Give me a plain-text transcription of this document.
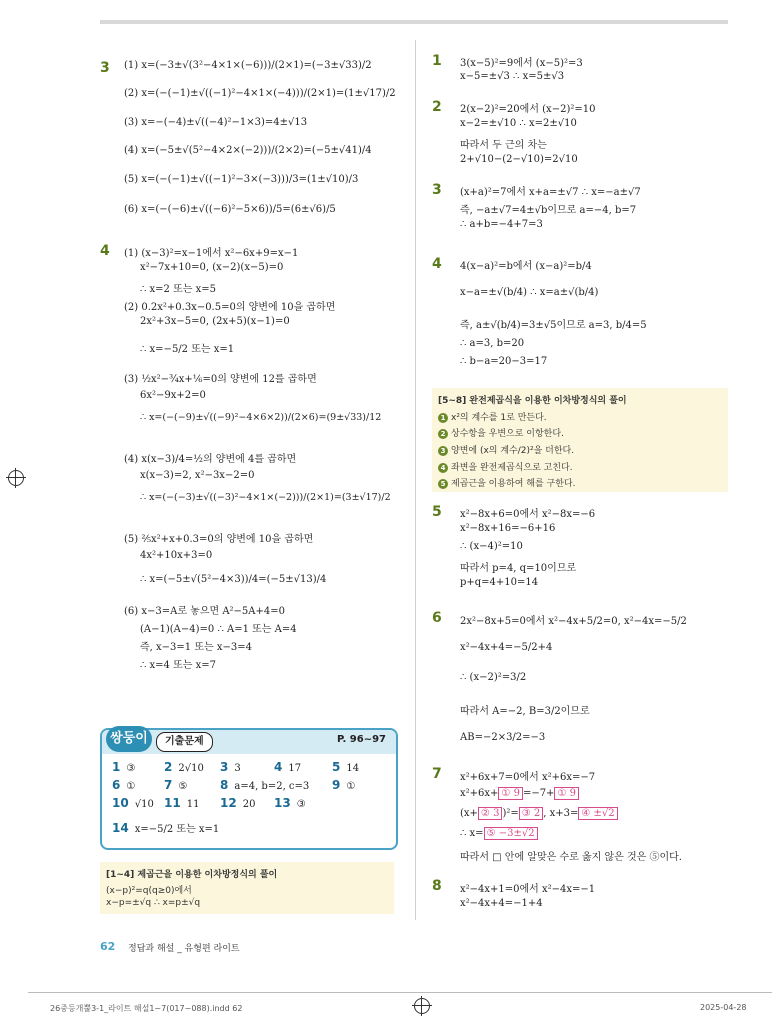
3 (1) x=(−3±√(3²−4×1×(−6)))/(2×1)=(−3±√33)/2
(2) x=(−(−1)±√((−1)²−4×1×(−4)))/(2×1)=(1±√17)/2
(3) x=−(−4)±√((−4)²−1×3)=4±√13
(4) x=(−5±√(5²−4×2×(−2)))/(2×2)=(−5±√41)/4
(5) x=(−(−1)±√((−1)²−3×(−3)))/3=(1±√10)/3
(6) x=(−(−6)±√((−6)²−5×6))/5=(6±√6)/5
4 (1) (x−3)²=x−1에서 x²−6x+9=x−1
x²−7x+10=0, (x−2)(x−5)=0
∴ x=2 또는 x=5
(2) 0.2x²+0.3x−0.5=0의 양변에 10을 곱하면
2x²+3x−5=0, (2x+5)(x−1)=0
∴ x=−5/2 또는 x=1
(3) ½x²−¾x+⅙=0의 양변에 12를 곱하면
6x²−9x+2=0
∴ x=(−(−9)±√((−9)²−4×6×2))/(2×6)=(9±√33)/12
(4) x(x−3)/4=½의 양변에 4를 곱하면
x(x−3)=2, x²−3x−2=0
∴ x=(−(−3)±√((−3)²−4×1×(−2)))/(2×1)=(3±√17)/2
(5) ⅖x²+x+0.3=0의 양변에 10을 곱하면
4x²+10x+3=0
∴ x=(−5±√(5²−4×3))/4=(−5±√13)/4
(6) x−3=A로 놓으면 A²−5A+4=0
(A−1)(A−4)=0 ∴ A=1 또는 A=4
즉, x−3=1 또는 x−3=4
∴ x=4 또는 x=7
쌍둥이	기출문제	P. 96~97
1 ③ 2 2√10 3 3	4 17	5 14
6 ① 7 ⑤	8 a=4, b=2, c=3 9 ①
10 √10 11 11 12 20 13 ③
14 x=−5/2 또는 x=1
[1~4] 제곱근을 이용한 이차방정식의 풀이
(x−p)²=q(q≥0)에서
x−p=±√q ∴ x=p±√q
1 3(x−5)²=9에서 (x−5)²=3
x−5=±√3 ∴ x=5±√3
2 2(x−2)²=20에서 (x−2)²=10
x−2=±√10 ∴ x=2±√10
따라서 두 근의 차는
2+√10−(2−√10)=2√10
3 (x+a)²=7에서 x+a=±√7 ∴ x=−a±√7
즉, −a±√7=4±√b이므로 a=−4, b=7
∴ a+b=−4+7=3
4 4(x−a)²=b에서 (x−a)²=b/4
x−a=±√(b/4) ∴ x=a±√(b/4)
즉, a±√(b/4)=3±√5이므로 a=3, b/4=5
∴ a=3, b=20
∴ b−a=20−3=17
[5~8] 완전제곱식을 이용한 이차방정식의 풀이
1 x²의 계수를 1로 만든다.
2 상수항을 우변으로 이항한다.
3 양변에 (x의 계수/2)²을 더한다.
4 좌변을 완전제곱식으로 고친다.
5 제곱근을 이용하여 해를 구한다.
5 x²−8x+6=0에서 x²−8x=−6
x²−8x+16=−6+16
∴ (x−4)²=10
따라서 p=4, q=10이므로
p+q=4+10=14
6 2x²−8x+5=0에서 x²−4x+5/2=0, x²−4x=−5/2
x²−4x+4=−5/2+4
∴ (x−2)²=3/2
따라서 A=−2, B=3/2이므로
AB=−2×3/2=−3
7 x²+6x+7=0에서 x²+6x=−7
x²+6x+ ① 9 =−7+ ① 9
(x+ ② 3 )²= ③ 2 , x+3= ④ ±√2
∴ x= ⑤ −3±√2
따라서 □ 안에 알맞은 수로 옳지 않은 것은 ⑤이다.
8 x²−4x+1=0에서 x²−4x=−1
x²−4x+4=−1+4
62 정답과 해설 _ 유형편 라이트
26중등개뿔3-1_라이트 해설1~7(017~088).indd 62	2025-04-28
